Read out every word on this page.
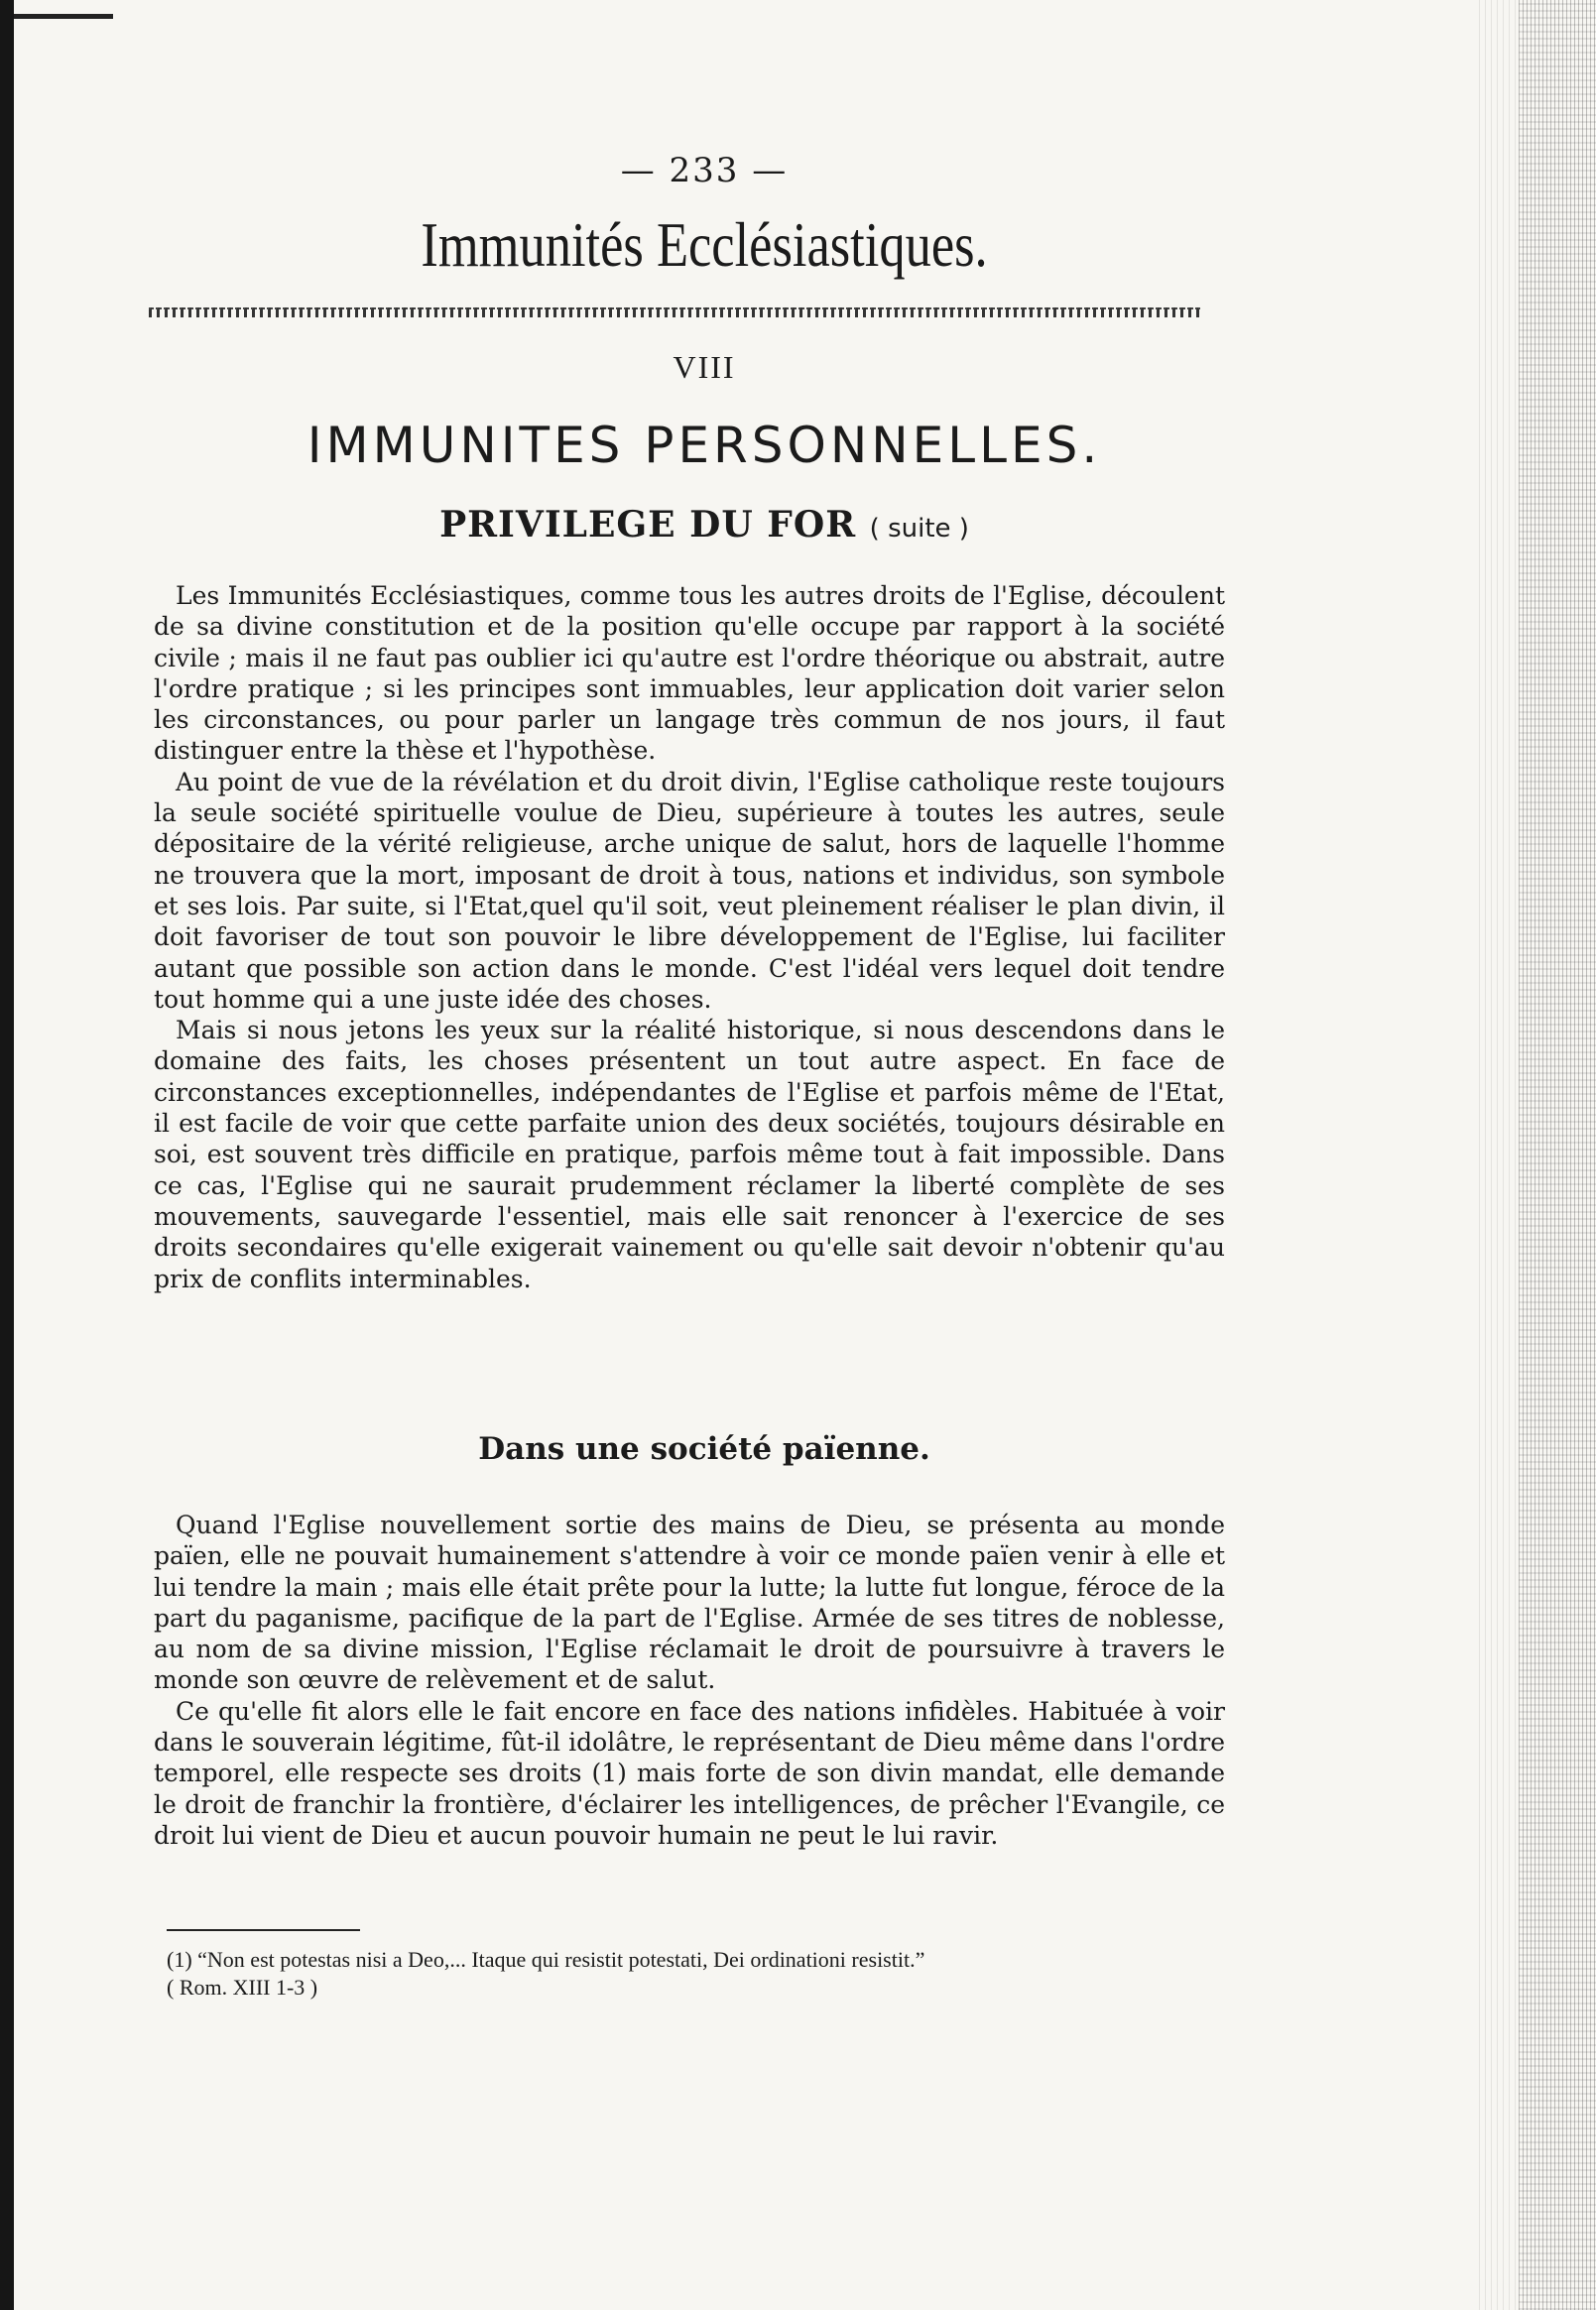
— 233 —
Immunités Ecclésiastiques.
VIII
IMMUNITES PERSONNELLES.
PRIVILEGE DU FOR ( suite )

Les Immunités Ecclésiastiques, comme tous les autres droits de l'Eglise, découlent de sa divine constitution et de la position qu'elle occupe par rapport à la société civile ; mais il ne faut pas oublier ici qu'autre est l'ordre théorique ou abstrait, autre l'ordre pratique ; si les principes sont immuables, leur application doit varier selon les circonstances, ou pour parler un langage très commun de nos jours, il faut distinguer entre la thèse et l'hypothèse.

Au point de vue de la révélation et du droit divin, l'Eglise catholique reste toujours la seule société spirituelle voulue de Dieu, supérieure à toutes les autres, seule dépositaire de la vérité religieuse, arche unique de salut, hors de laquelle l'homme ne trouvera que la mort, imposant de droit à tous, nations et individus, son symbole et ses lois. Par suite, si l'Etat,quel qu'il soit, veut pleinement réaliser le plan divin, il doit favoriser de tout son pouvoir le libre développement de l'Eglise, lui faciliter autant que possible son action dans le monde. C'est l'idéal vers lequel doit tendre tout homme qui a une juste idée des choses.

Mais si nous jetons les yeux sur la réalité historique, si nous descendons dans le domaine des faits, les choses présentent un tout autre aspect. En face de circonstances exceptionnelles, indépendantes de l'Eglise et parfois même de l'Etat, il est facile de voir que cette parfaite union des deux sociétés, toujours désirable en soi, est souvent très difficile en pratique, parfois même tout à fait impossible. Dans ce cas, l'Eglise qui ne saurait prudemment réclamer la liberté complète de ses mouvements, sauvegarde l'essentiel, mais elle sait renoncer à l'exercice de ses droits secondaires qu'elle exigerait vainement ou qu'elle sait devoir n'obtenir qu'au prix de conflits interminables.

Dans une société païenne.

Quand l'Eglise nouvellement sortie des mains de Dieu, se présenta au monde païen, elle ne pouvait humainement s'attendre à voir ce monde païen venir à elle et lui tendre la main ; mais elle était prête pour la lutte; la lutte fut longue, féroce de la part du paganisme, pacifique de la part de l'Eglise. Armée de ses titres de noblesse, au nom de sa divine mission, l'Eglise réclamait le droit de poursuivre à travers le monde son œuvre de relèvement et de salut.

Ce qu'elle fit alors elle le fait encore en face des nations infidèles. Habituée à voir dans le souverain légitime, fût-il idolâtre, le représentant de Dieu même dans l'ordre temporel, elle respecte ses droits (1) mais forte de son divin mandat, elle demande le droit de franchir la frontière, d'éclairer les intelligences, de prêcher l'Evangile, ce droit lui vient de Dieu et aucun pouvoir humain ne peut le lui ravir.

(1) “Non est potestas nisi a Deo,... Itaque qui resistit potestati, Dei ordinationi resistit.”

( Rom. XIII 1-3 )
